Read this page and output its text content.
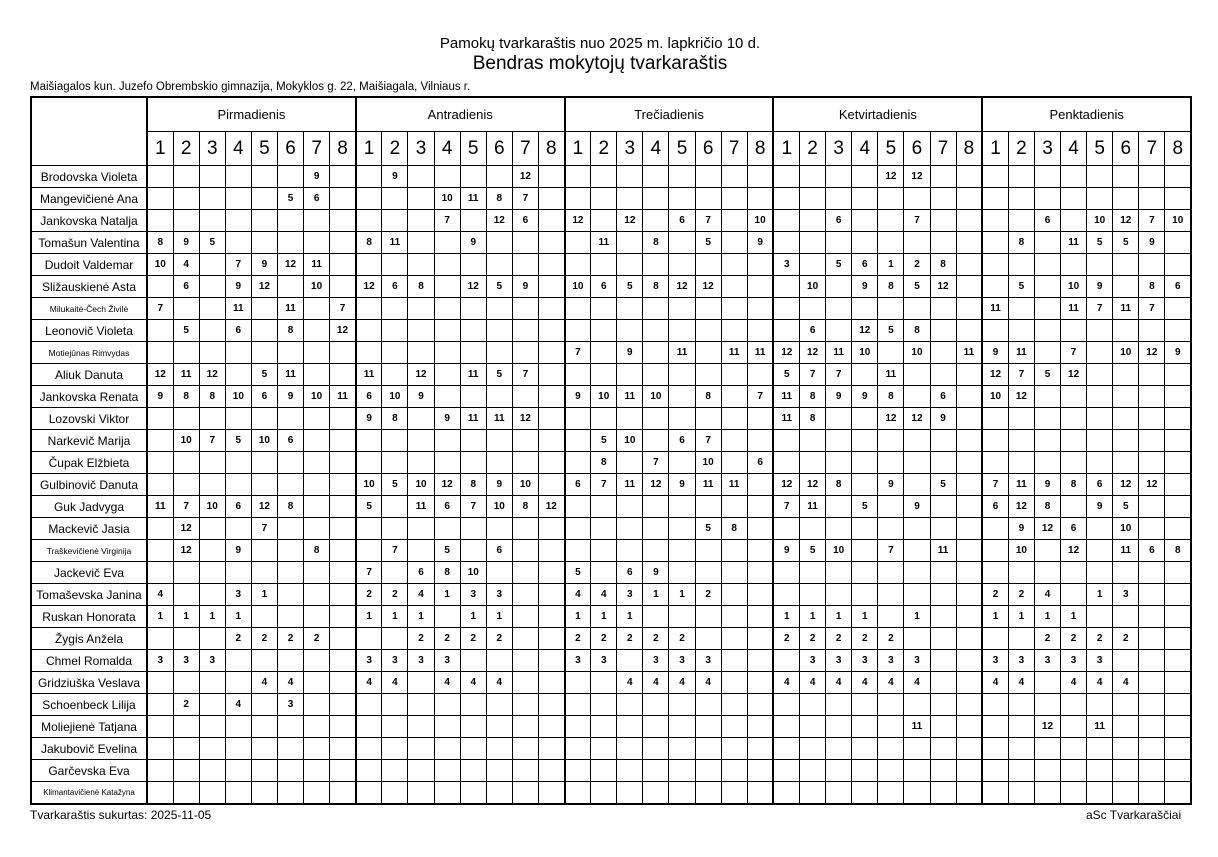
Pamokų tvarkaraštis nuo 2025 m. lapkričio 10 d.
Bendras mokytojų tvarkaraštis
Maišiagalos kun. Juzefo Obrembskio gimnazija, Mokyklos g. 22, Maišiagala, Vilniaus r.
	Pirmadienis								Antradienis								Trečiadienis								Ketvirtadienis								Penktadienis							
	1	2	3	4	5	6	7	8	1	2	3	4	5	6	7	8	1	2	3	4	5	6	7	8	1	2	3	4	5	6	7	8	1	2	3	4	5	6	7	8
Brodovska Violeta							9			9					12														12	12										
Mangevičienė Ana						5	6					10	11	8	7																									
Jankovska Natalja												7		12	6		12		12		6	7		10			6			7					6		10	12	7	10
Tomašun Valentina	8	9	5						8	11			9					11		8		5		9										8		11	5	5	9	
Dudoit Valdemar	10	4		7	9	12	11																		3		5	6	1	2	8									
Sližauskienė Asta		6		9	12		10		12	6	8		12	5	9		10	6	5	8	12	12				10		9	8	5	12			5		10	9		8	6
Milukaitė-Čech Živilė	7			11		11		7																									11			11	7	11	7	
Leonovič Violeta		5		6		8		12																		6		12	5	8										
Motiejūnas Rimvydas																	7		9		11		11	11	12	12	11	10		10		11	9	11		7		10	12	9
Aliuk Danuta	12	11	12		5	11			11		12		11	5	7										5	7	7		11				12	7	5	12				
Jankovska Renata	9	8	8	10	6	9	10	11	6	10	9						9	10	11	10		8		7	11	8	9	9	8		6		10	12						
Lozovski Viktor									9	8		9	11	11	12										11	8			12	12	9									
Narkevič Marija		10	7	5	10	6												5	10		6	7																		
Čupak Elžbieta																		8		7		10		6																
Gulbinovič Danuta									10	5	10	12	8	9	10		6	7	11	12	9	11	11		12	12	8		9		5		7	11	9	8	6	12	12	
Guk Jadvyga	11	7	10	6	12	8			5		11	6	7	10	8	12									7	11		5		9			6	12	8		9	5		
Mackevič Jasia		12			7																	5	8											9	12	6		10		
Traškevičienė Virginija		12		9			8			7		5		6											9	5	10		7		11			10		12		11	6	8
Jackevič Eva									7		6	8	10				5		6	9																				
Tomaševska Janina	4			3	1				2	2	4	1	3	3			4	4	3	1	1	2											2	2	4		1	3		
Ruskan Honorata	1	1	1	1					1	1	1		1	1			1	1	1						1	1	1	1		1			1	1	1	1				
Žygis Anželа				2	2	2	2				2	2	2	2			2	2	2	2	2				2	2	2	2	2						2	2	2	2		
Chmel Romalda	3	3	3						3	3	3	3					3	3		3	3	3				3	3	3	3	3			3	3	3	3	3			
Gridziuška Veslava					4	4			4	4		4	4	4					4	4	4	4			4	4	4	4	4	4			4	4		4	4	4		
Schoenbeck Lilija		2		4		3																																		
Moliejienė Tatjana																														11					12		11			
Jakubovič Evelina																																								
Garčevska Eva																																								
Klimantavičienė Katažyna																																								
Tvarkaraštis sukurtas: 2025-11-05	aSc Tvarkaraščiai
